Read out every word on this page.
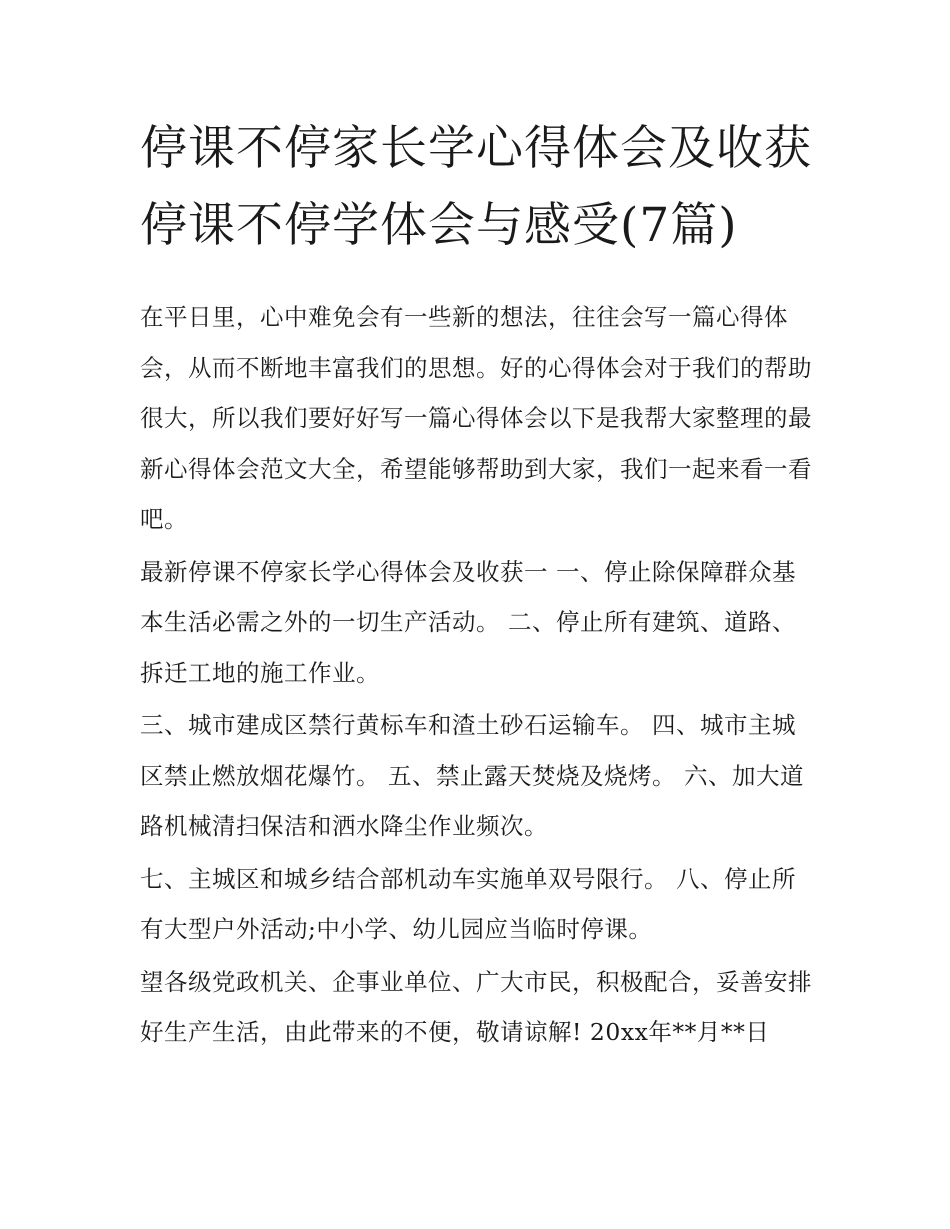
停课不停家长学心得体会及收获 停课不停学体会与感受(7篇)

在平日里，心中难免会有一些新的想法，往往会写一篇心得体会，从而不断地丰富我们的思想。好的心得体会对于我们的帮助很大，所以我们要好好写一篇心得体会以下是我帮大家整理的最新心得体会范文大全，希望能够帮助到大家，我们一起来看一看吧。

最新停课不停家长学心得体会及收获一 一、停止除保障群众基本生活必需之外的一切生产活动。 二、停止所有建筑、道路、拆迁工地的施工作业。

三、城市建成区禁行黄标车和渣土砂石运输车。 四、城市主城区禁止燃放烟花爆竹。 五、禁止露天焚烧及烧烤。 六、加大道路机械清扫保洁和洒水降尘作业频次。

七、主城区和城乡结合部机动车实施单双号限行。 八、停止所有大型户外活动;中小学、幼儿园应当临时停课。

望各级党政机关、企事业单位、广大市民，积极配合，妥善安排好生产生活，由此带来的不便，敬请谅解! 20xx年**月**日
